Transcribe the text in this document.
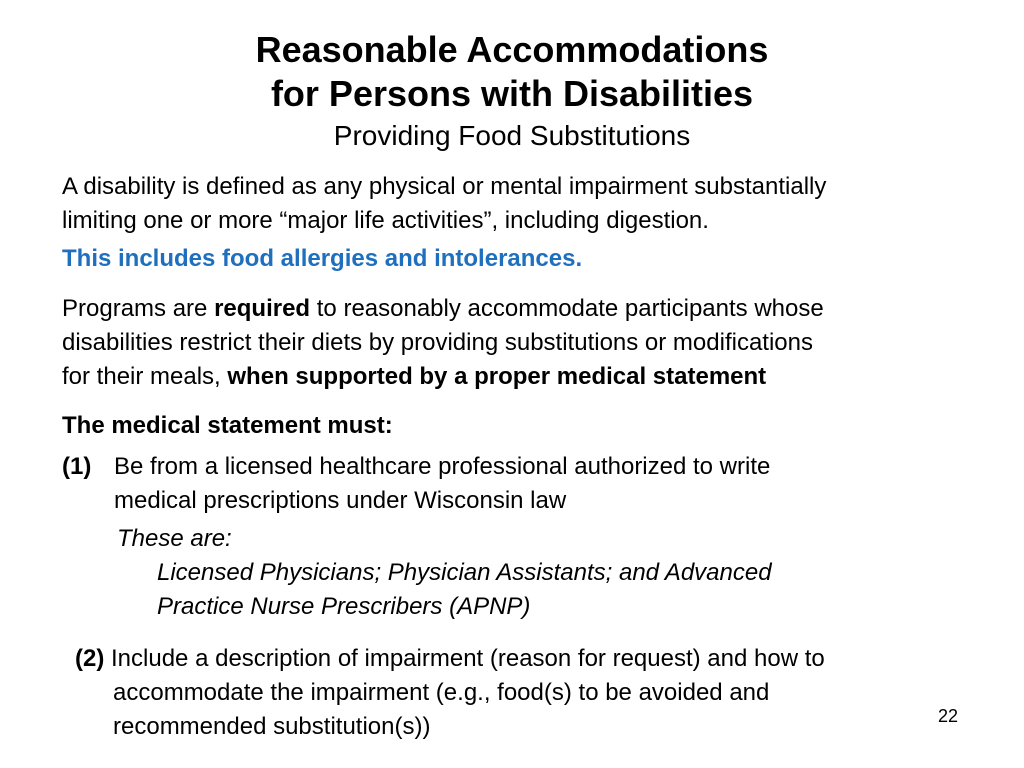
Reasonable Accommodations
for Persons with Disabilities
Providing Food Substitutions
A disability is defined as any physical or mental impairment substantially
limiting one or more “major life activities”, including digestion.
This includes food allergies and intolerances.
Programs are required to reasonably accommodate participants whose
disabilities restrict their diets by providing substitutions or modifications
for their meals, when supported by a proper medical statement
The medical statement must:
(1) Be from a licensed healthcare professional authorized to write
medical prescriptions under Wisconsin law
These are:
Licensed Physicians; Physician Assistants; and Advanced
Practice Nurse Prescribers (APNP)
(2) Include a description of impairment (reason for request) and how to
accommodate the impairment (e.g., food(s) to be avoided and
recommended substitution(s))	22
